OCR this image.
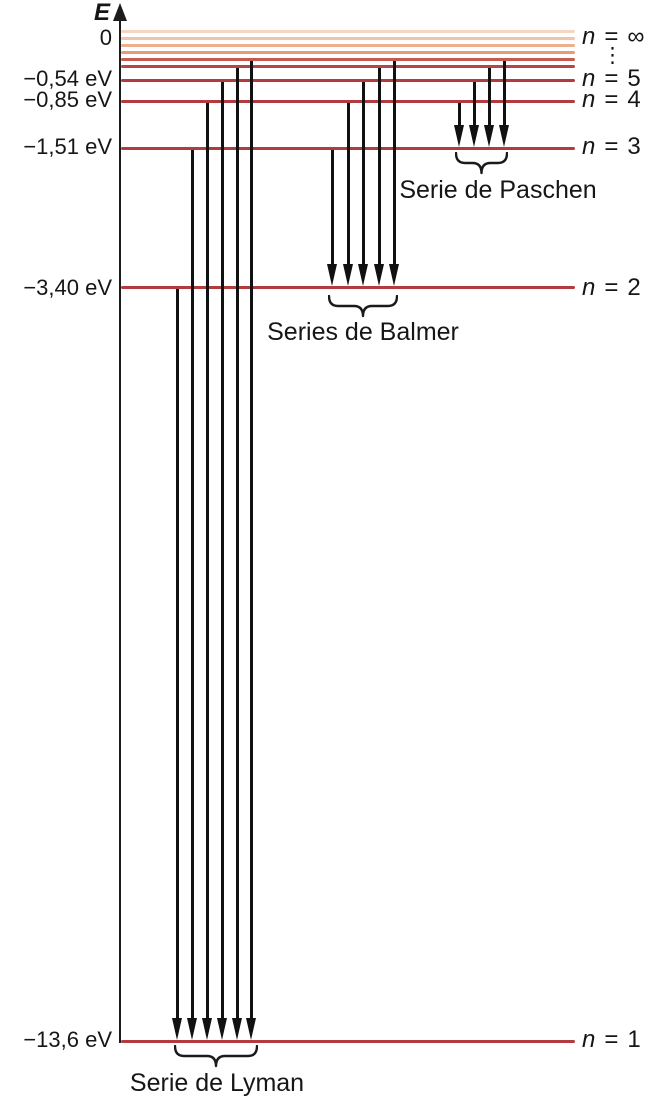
E
⋮
0	n = ∞
−0,54 eV	n = 5
−0,85 eV	n = 4
−1,51 eV	n = 3
−3,40 eV	n = 2
−13,6 eV	n = 1
Serie de Lyman
Series de Balmer
Serie de Paschen
